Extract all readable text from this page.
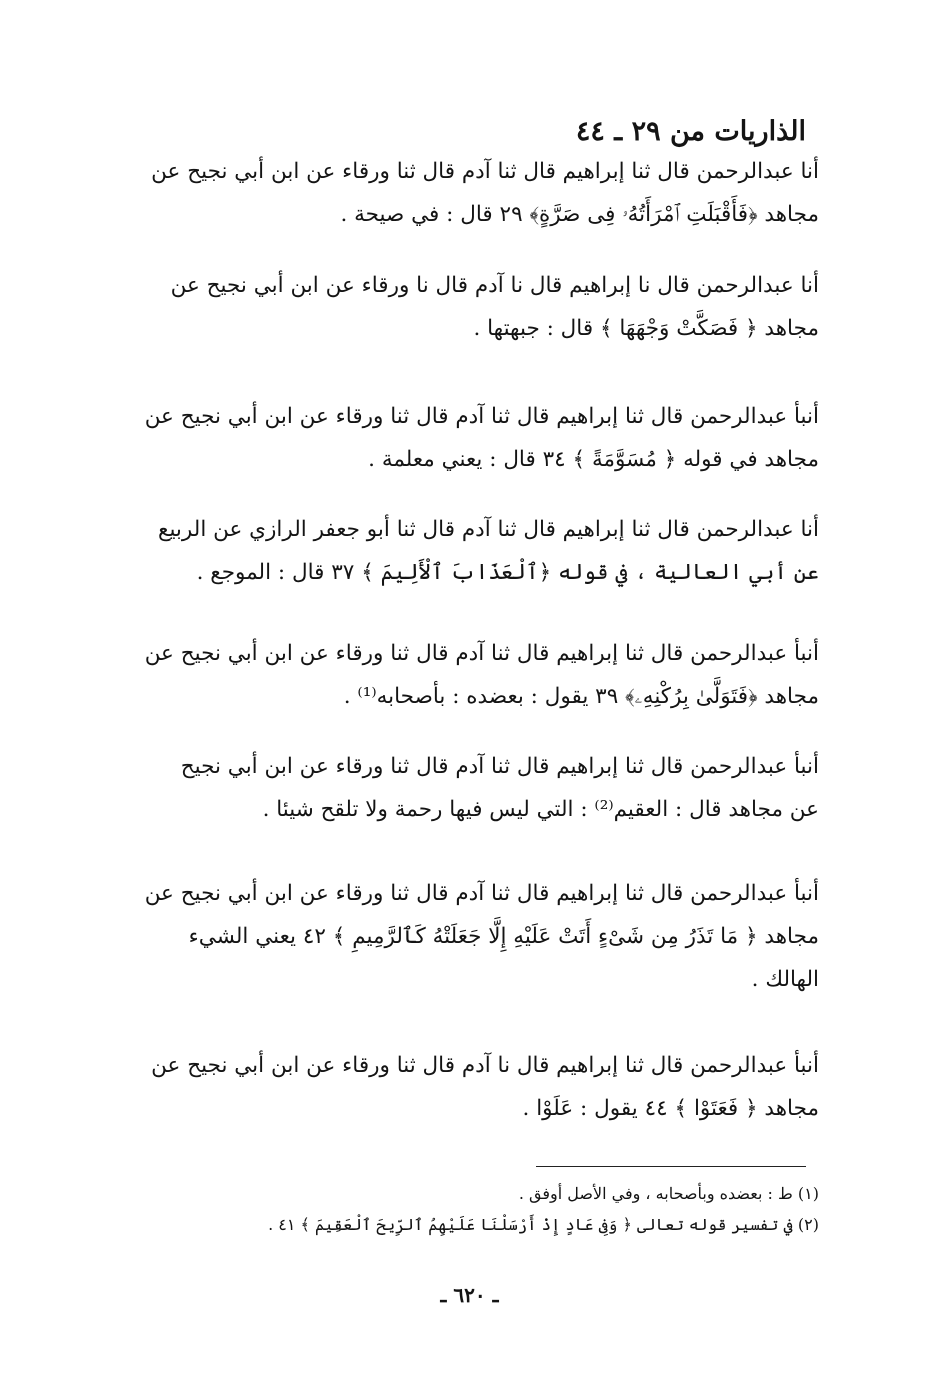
الذاريات من ٢٩ ـ ٤٤
أنا عبدالرحمن قال ثنا إبراهيم قال ثنا آدم قال ثنا ورقاء عن ابن أبي نجيح عن
مجاهد ﴿فَأَقْبَلَتِ ٱمْرَأَتُهُۥ فِى صَرَّةٍ﴾ ٢٩ قال : في صيحة .
أنا عبدالرحمن قال نا إبراهيم قال نا آدم قال نا ورقاء عن ابن أبي نجيح عن
مجاهد ﴿ فَصَكَّتْ وَجْهَهَا ﴾ قال : جبهتها .
أنبأ عبدالرحمن قال ثنا إبراهيم قال ثنا آدم قال ثنا ورقاء عن ابن أبي نجيح عن
مجاهد في قوله ﴿ مُسَوَّمَةً ﴾ ٣٤ قال : يعني معلمة .
أنا عبدالرحمن قال ثنا إبراهيم قال ثنا آدم قال ثنا أبو جعفر الرازي عن الربيع
عن أبي العالية ، في قوله ﴿ٱلْعَذَابَ ٱلْأَلِيمَ ﴾ ٣٧ قال : الموجع .
أنبأ عبدالرحمن قال ثنا إبراهيم قال ثنا آدم قال ثنا ورقاء عن ابن أبي نجيح عن
مجاهد ﴿فَتَوَلَّىٰ بِرُكْنِهِۦ﴾ ٣٩ يقول : بعضده : بأصحابه⁽¹⁾ .
أنبأ عبدالرحمن قال ثنا إبراهيم قال ثنا آدم قال ثنا ورقاء عن ابن أبي نجيح
عن مجاهد قال : العقيم⁽²⁾ : التي ليس فيها رحمة ولا تلقح شيئا .
أنبأ عبدالرحمن قال ثنا إبراهيم قال ثنا آدم قال ثنا ورقاء عن ابن أبي نجيح عن
مجاهد ﴿ مَا تَذَرُ مِن شَىْءٍ أَتَتْ عَلَيْهِ إِلَّا جَعَلَتْهُ كَٱلرَّمِيمِ ﴾ ٤٢ يعني الشيء
الهالك .
أنبأ عبدالرحمن قال ثنا إبراهيم قال نا آدم قال ثنا ورقاء عن ابن أبي نجيح عن
مجاهد ﴿ فَعَتَوْا ﴾ ٤٤ يقول : عَلَوْا .
(١) ط : بعضده وبأصحابه ، وفي الأصل أوفق .
(٢) في تفسير قوله تعالى ﴿ وَفِى عَادٍ إِذْ أَرْسَلْنَا عَلَيْهِمُ ٱلرِّيحَ ٱلْعَقِيمَ ﴾ ٤١ .
ـ ٦٢٠ ـ
